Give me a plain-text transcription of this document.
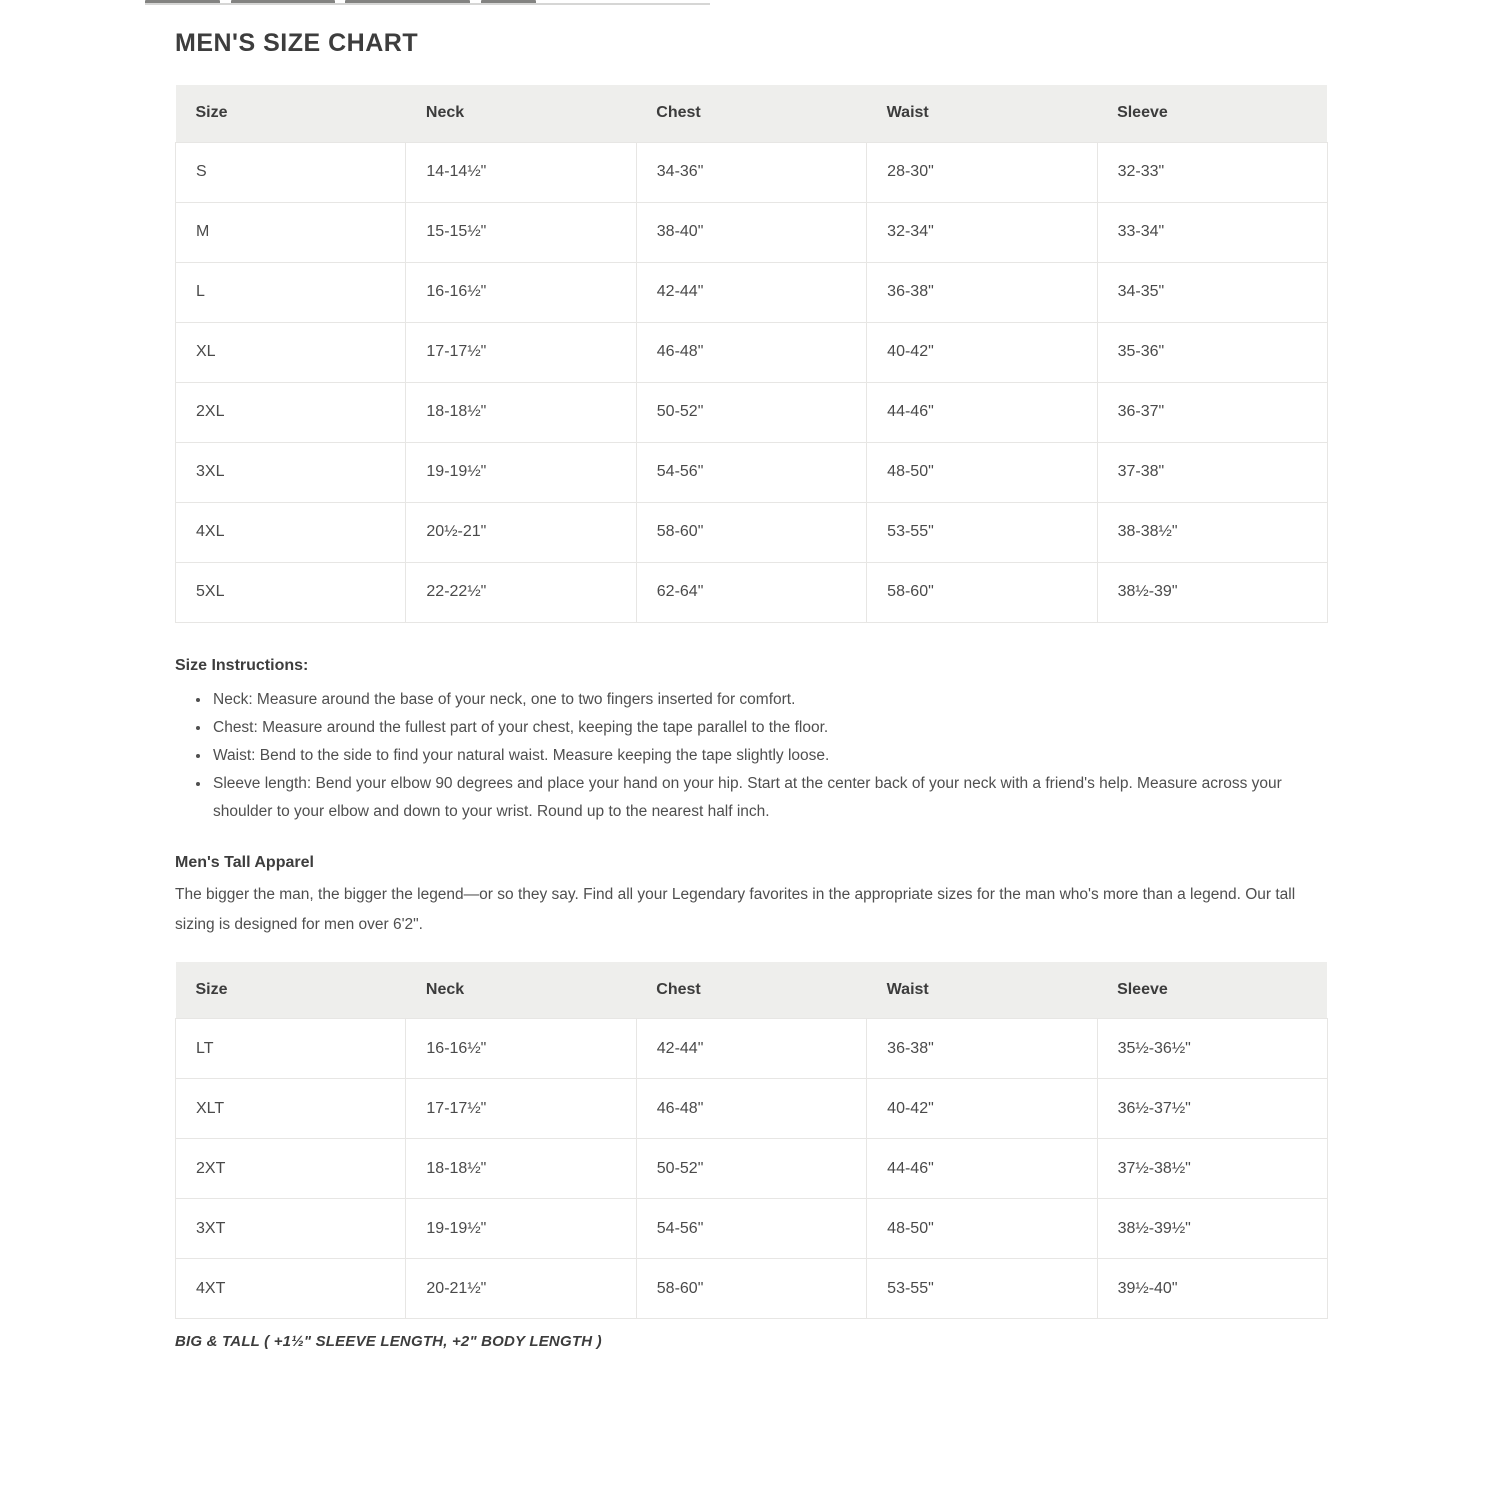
MEN'S SIZE CHART
Size	Neck	Chest	Waist	Sleeve
S	14-14½"	34-36"	28-30"	32-33"
M	15-15½"	38-40"	32-34"	33-34"
L	16-16½"	42-44"	36-38"	34-35"
XL	17-17½"	46-48"	40-42"	35-36"
2XL	18-18½"	50-52"	44-46"	36-37"
3XL	19-19½"	54-56"	48-50"	37-38"
4XL	20½-21"	58-60"	53-55"	38-38½"
5XL	22-22½"	62-64"	58-60"	38½-39"
Size Instructions:
• Neck: Measure around the base of your neck, one to two fingers inserted for comfort.
• Chest: Measure around the fullest part of your chest, keeping the tape parallel to the floor.
• Waist: Bend to the side to find your natural waist. Measure keeping the tape slightly loose.
• Sleeve length: Bend your elbow 90 degrees and place your hand on your hip. Start at the center back of your neck with a friend's help. Measure across your shoulder to your elbow and down to your wrist. Round up to the nearest half inch.
Men's Tall Apparel

The bigger the man, the bigger the legend—or so they say. Find all your Legendary favorites in the appropriate sizes for the man who's more than a legend. Our tall sizing is designed for men over 6'2".

Size	Neck	Chest	Waist	Sleeve
LT	16-16½"	42-44"	36-38"	35½-36½"
XLT	17-17½"	46-48"	40-42"	36½-37½"
2XT	18-18½"	50-52"	44-46"	37½-38½"
3XT	19-19½"	54-56"	48-50"	38½-39½"
4XT	20-21½"	58-60"	53-55"	39½-40"

BIG & TALL ( +1½" SLEEVE LENGTH, +2" BODY LENGTH )
